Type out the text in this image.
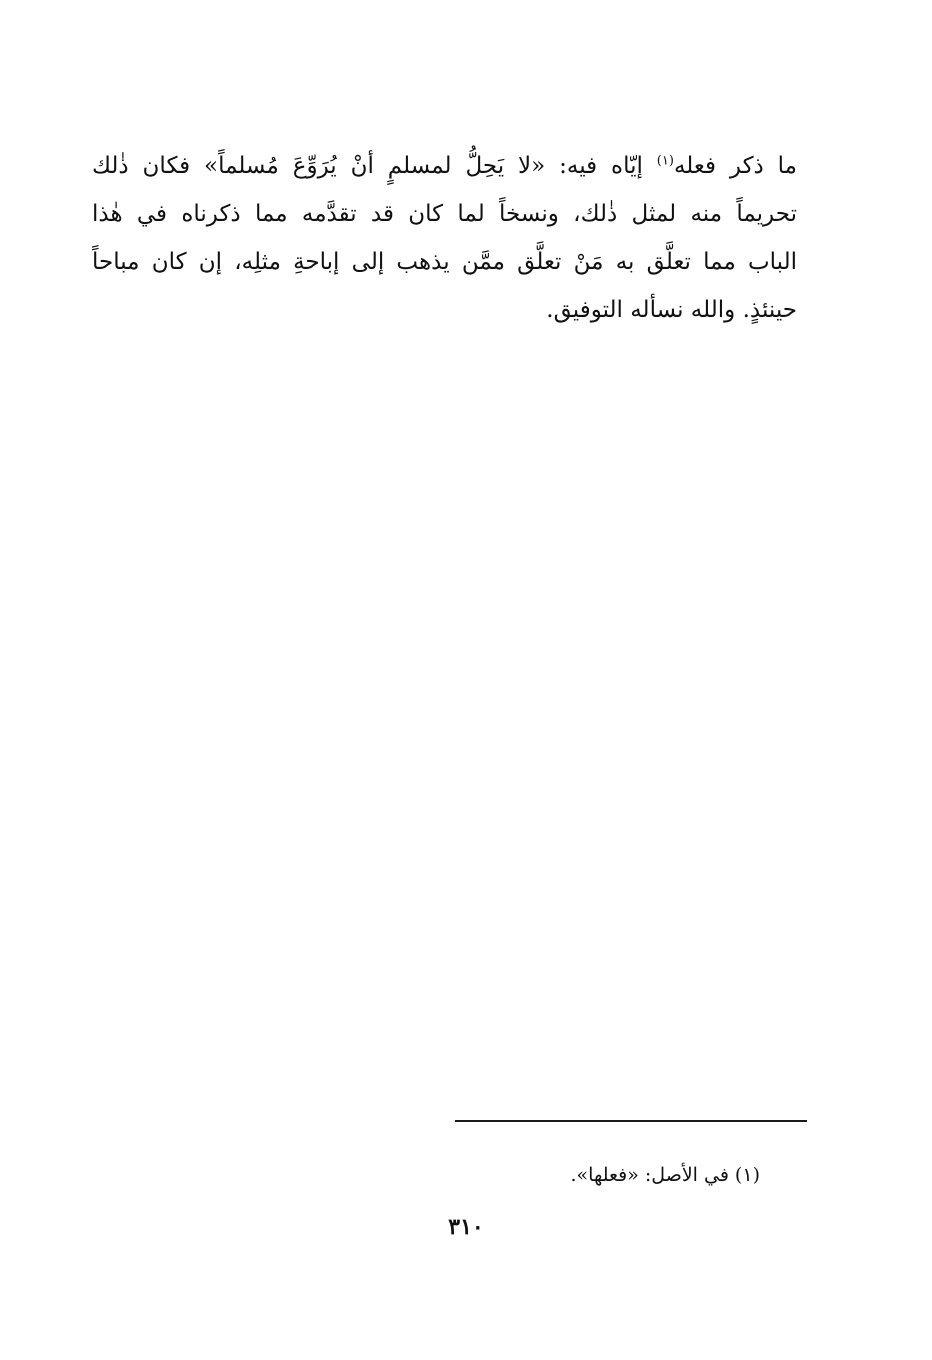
ما ذكر فعله$^{(١)}$ إيّاه فيه: «لا يَحِلُّ لمسلمٍ أنْ يُرَوِّعَ مُسلماً» فكان ذٰلك
تحريماً منه لمثل ذٰلك، ونسخاً لما كان قد تقدَّمه مما ذكرناه في هٰذا
الباب مما تعلَّق به مَنْ تعلَّق ممَّن يذهب إلى إباحةِ مثلِه، إن كان مباحاً
حينئذٍ. والله نسأله التوفيق.
(١) في الأصل: «فعلها».
٣١٠
